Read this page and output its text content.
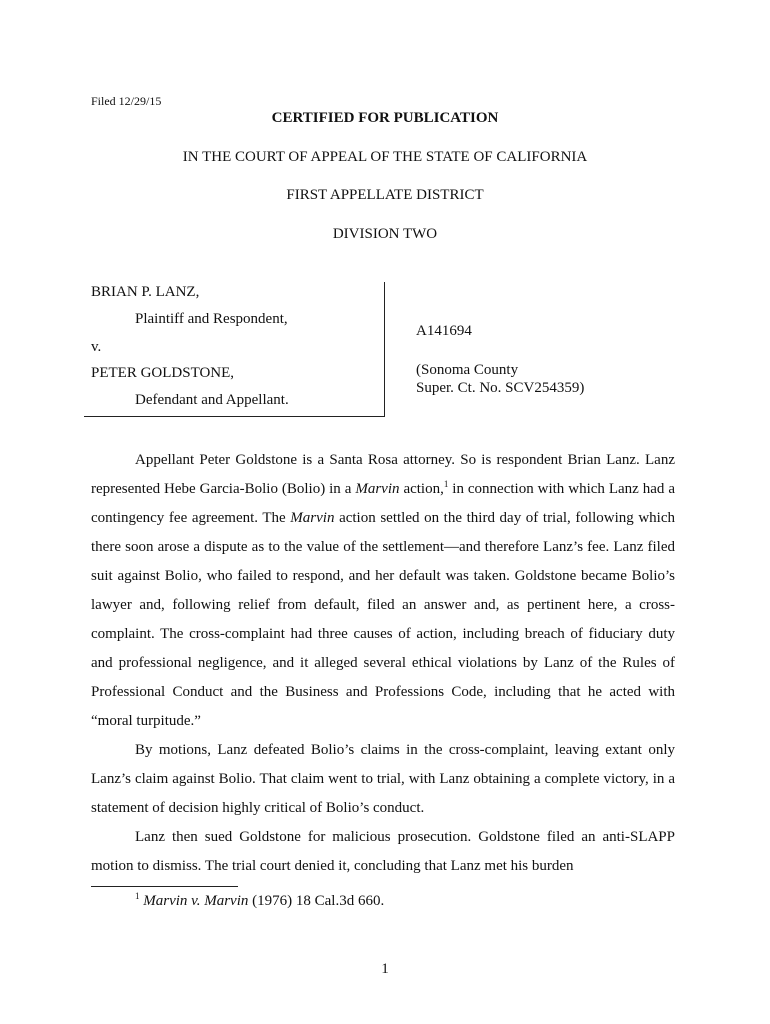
Filed 12/29/15
CERTIFIED FOR PUBLICATION
IN THE COURT OF APPEAL OF THE STATE OF CALIFORNIA
FIRST APPELLATE DISTRICT
DIVISION TWO
BRIAN P. LANZ,
Plaintiff and Respondent,
v.
PETER GOLDSTONE,
Defendant and Appellant.
A141694
(Sonoma County
Super. Ct. No. SCV254359)

Appellant Peter Goldstone is a Santa Rosa attorney. So is respondent Brian Lanz. Lanz represented Hebe Garcia-Bolio (Bolio) in a Marvin action,$^1$ in connection with which Lanz had a contingency fee agreement. The Marvin action settled on the third day of trial, following which there soon arose a dispute as to the value of the settlement—and therefore Lanz’s fee. Lanz filed suit against Bolio, who failed to respond, and her default was taken. Goldstone became Bolio’s lawyer and, following relief from default, filed an answer and, as pertinent here, a cross-complaint. The cross-complaint had three causes of action, including breach of fiduciary duty and professional negligence, and it alleged several ethical violations by Lanz of the Rules of Professional Conduct and the Business and Professions Code, including that he acted with “moral turpitude.”

By motions, Lanz defeated Bolio’s claims in the cross-complaint, leaving extant only Lanz’s claim against Bolio. That claim went to trial, with Lanz obtaining a complete victory, in a statement of decision highly critical of Bolio’s conduct.

Lanz then sued Goldstone for malicious prosecution. Goldstone filed an anti-SLAPP motion to dismiss. The trial court denied it, concluding that Lanz met his burden

$^1$ Marvin v. Marvin (1976) 18 Cal.3d 660.
1
